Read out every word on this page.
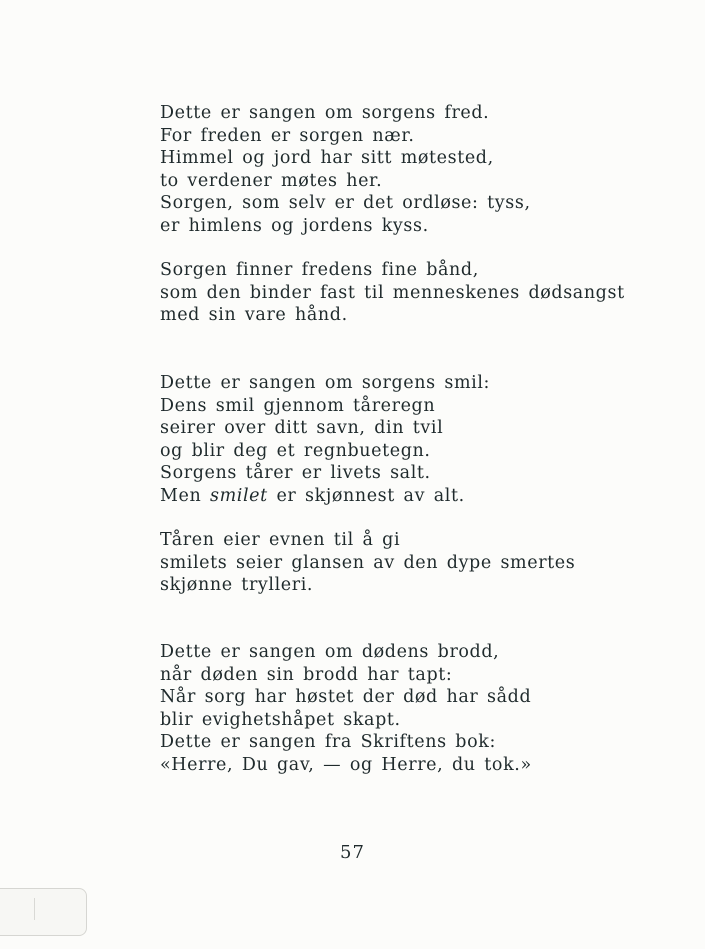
Dette er sangen om sorgens fred.
For freden er sorgen nær.
Himmel og jord har sitt møtested,
to verdener møtes her.
Sorgen, som selv er det ordløse: tyss,
er himlens og jordens kyss.
Sorgen finner fredens fine bånd,
som den binder fast til menneskenes dødsangst
med sin vare hånd.
Dette er sangen om sorgens smil:
Dens smil gjennom tåreregn
seirer over ditt savn, din tvil
og blir deg et regnbuetegn.
Sorgens tårer er livets salt.
Men smilet er skjønnest av alt.
Tåren eier evnen til å gi
smilets seier glansen av den dype smertes
skjønne trylleri.
Dette er sangen om dødens brodd,
når døden sin brodd har tapt:
Når sorg har høstet der død har sådd
blir evighetshåpet skapt.
Dette er sangen fra Skriftens bok:
«Herre, Du gav, — og Herre, du tok.»
57
